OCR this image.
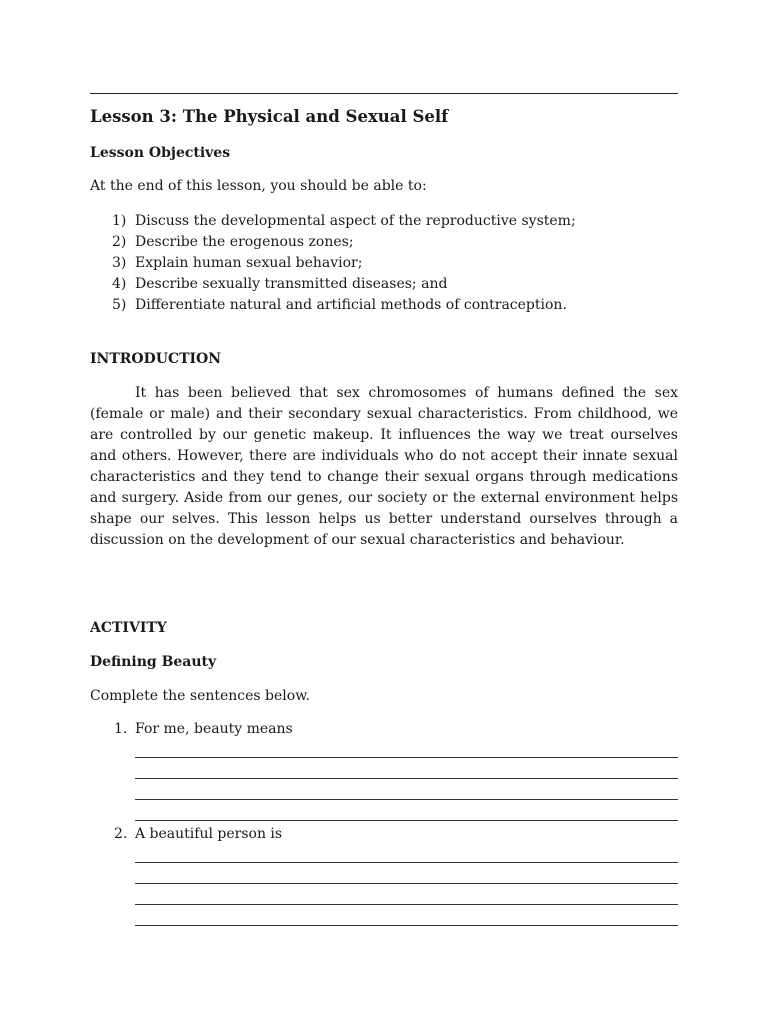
Lesson 3: The Physical and Sexual Self
Lesson Objectives

At the end of this lesson, you should be able to:

1) Discuss the developmental aspect of the reproductive system;
2) Describe the erogenous zones;
3) Explain human sexual behavior;
4) Describe sexually transmitted diseases; and
5) Differentiate natural and artificial methods of contraception.
INTRODUCTION

It has been believed that sex chromosomes of humans defined the sex (female or male) and their secondary sexual characteristics. From childhood, we are controlled by our genetic makeup. It influences the way we treat ourselves and others. However, there are individuals who do not accept their innate sexual characteristics and they tend to change their sexual organs through medications and surgery. Aside from our genes, our society or the external environment helps shape our selves. This lesson helps us better understand ourselves through a discussion on the development of our sexual characteristics and behaviour.

ACTIVITY
Defining Beauty

Complete the sentences below.

1. For me, beauty means
2. A beautiful person is
